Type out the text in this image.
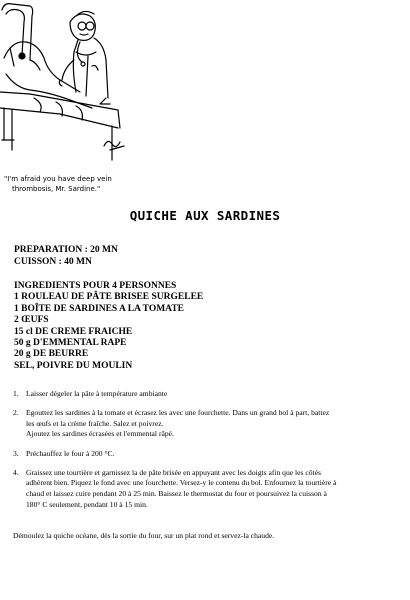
"I'm afraid you have deep vein
thrombosis, Mr. Sardine."
QUICHE AUX SARDINES
PREPARATION : 20 MN
CUISSON : 40 MN
INGREDIENTS POUR 4 PERSONNES
1 ROULEAU DE PÂTE BRISEE SURGELEE
1 BOÎTE DE SARDINES A LA TOMATE
2 ŒUFS
15 cl DE CREME FRAICHE
50 g D'EMMENTAL RAPE
20 g DE BEURRE
SEL, POIVRE DU MOULIN
1. Laisser dégeler la pâte à température ambiante
2. Egouttez les sardines à la tomate et écrasez les avec une fourchette. Dans un grand bol à part, battez
les œufs et la crème fraîche. Salez et poivrez.
Ajoutez les sardines écrasées et l'emmental râpé.
3. Préchauffez le four à 200 °C.
4. Graissez une tourtière et garnissez la de pâte brisée en appuyant avec les doigts afin que les côtés
adhèrent bien. Piquez le fond avec une fourchette. Versez-y le contenu du bol. Enfournez la tourtière à
chaud et laissez cuire pendant 20 à 25 min. Baissez le thermostat du four et poursuivez la cuisson à
180° C seulement, pendant 10 à 15 min.
Démoulez la quiche océane, dès la sortie du four, sur un plat rond et servez-la chaude.
